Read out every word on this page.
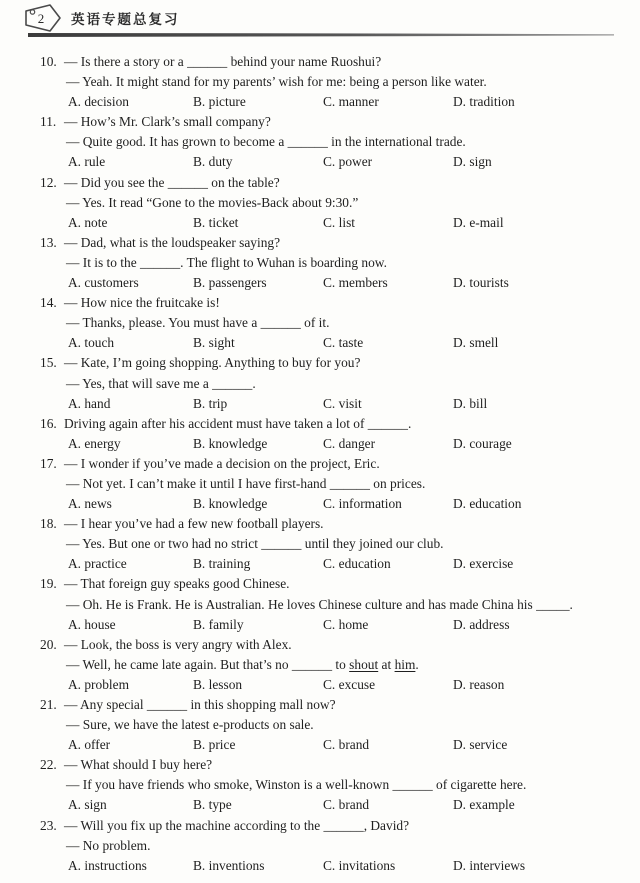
2 英语专题总复习
10. — Is there a story or a ______ behind your name Ruoshui?
— Yeah. It might stand for my parents’ wish for me: being a person like water.
A. decision	B. picture	C. manner	D. tradition
11. — How’s Mr. Clark’s small company?
— Quite good. It has grown to become a ______ in the international trade.
A. rule	B. duty	C. power	D. sign
12. — Did you see the ______ on the table?
— Yes. It read “Gone to the movies-Back about 9:30.”
A. note	B. ticket	C. list	D. e-mail
13. — Dad, what is the loudspeaker saying?
— It is to the ______. The flight to Wuhan is boarding now.
A. customers	B. passengers	C. members	D. tourists
14. — How nice the fruitcake is!
— Thanks, please. You must have a ______ of it.
A. touch	B. sight	C. taste	D. smell
15. — Kate, I’m going shopping. Anything to buy for you?
— Yes, that will save me a ______.
A. hand	B. trip	C. visit	D. bill
16. Driving again after his accident must have taken a lot of ______.
A. energy	B. knowledge	C. danger	D. courage
17. — I wonder if you’ve made a decision on the project, Eric.
— Not yet. I can’t make it until I have first-hand ______ on prices.
A. news	B. knowledge	C. information	D. education
18. — I hear you’ve had a few new football players.
— Yes. But one or two had no strict ______ until they joined our club.
A. practice	B. training	C. education	D. exercise
19. — That foreign guy speaks good Chinese.
— Oh. He is Frank. He is Australian. He loves Chinese culture and has made China his _____.
A. house	B. family	C. home	D. address
20. — Look, the boss is very angry with Alex.
— Well, he came late again. But that’s no ______ to shout at him.
A. problem	B. lesson	C. excuse	D. reason
21. — Any special ______ in this shopping mall now?
— Sure, we have the latest e-products on sale.
A. offer	B. price	C. brand	D. service
22. — What should I buy here?
— If you have friends who smoke, Winston is a well-known ______ of cigarette here.
A. sign	B. type	C. brand	D. example
23. — Will you fix up the machine according to the ______, David?
— No problem.
A. instructions	B. inventions	C. invitations	D. interviews
